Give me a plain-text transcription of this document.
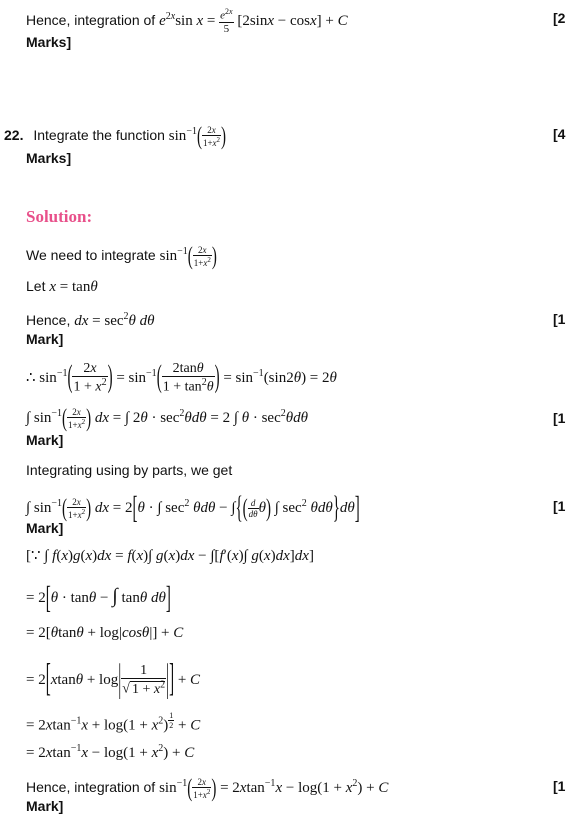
Hence, integration of $e^{2x}\sin$ $x = \frac{e^{2x}}{5} [2\sin x - \cos x] + C$	[2
Marks]
22. Integrate the function $\sin^{-1}( \frac{2x}{1+x^2}$ )	[4
Marks]
Solution:
We need to integrate $\sin^{-1}( \frac{2x}{1+x^2}$ )
Let x = tanθ
Hence, dx = $\sec^2\theta$ dθ	[1
Mark]
∴ $\sin^{-1}( \frac{2x}{1 + x^2}$ ) = $\sin^{-1}( \frac{2\tan\theta}{1 + \tan^2\theta}$ ) = $\sin^{-1}(\sin 2\theta) = 2\theta$
∫ $\sin^{-1}( \frac{2x}{1+x^2}$ ) dx = ∫ $2\theta \cdot \sec^2\theta d\theta = 2$ ∫ $\theta \cdot \sec^2\theta d\theta$	[1
Mark]
Integrating using by parts, we get
∫ $\sin^{-1}( \frac{2x}{1+x^2}$ ) dx = 2[θ · ∫ $\sec^2 \theta d\theta$ − ∫{( $\frac{d}{d\theta} \theta$) ∫ $\sec^2 \theta d\theta\}d\theta$]	[1
Mark]
[∵ ∫ f(x)g(x)dx = f(x)∫ g(x)dx − ∫[f′(x)∫ g(x)dx]dx]
= 2[θ · tanθ − ∫ tanθ dθ]
= 2[θtanθ + log|cosθ|] + C
= $2[xtan\theta + \log| \frac{1}{√ 1 + x^2}$ |] + C
= $2xtan^{-1}x + \log(1 + x^2)$ $^{\frac{1}{2}}$ + C
= $2xtan^{-1}x - \log(1 + x^2) + C$
Hence, integration of $\sin^{-1}( \frac{2x}{1+x^2}$ ) = $2xtan^{-1}x - \log(1 + x^2) + C$	[1
Mark]
